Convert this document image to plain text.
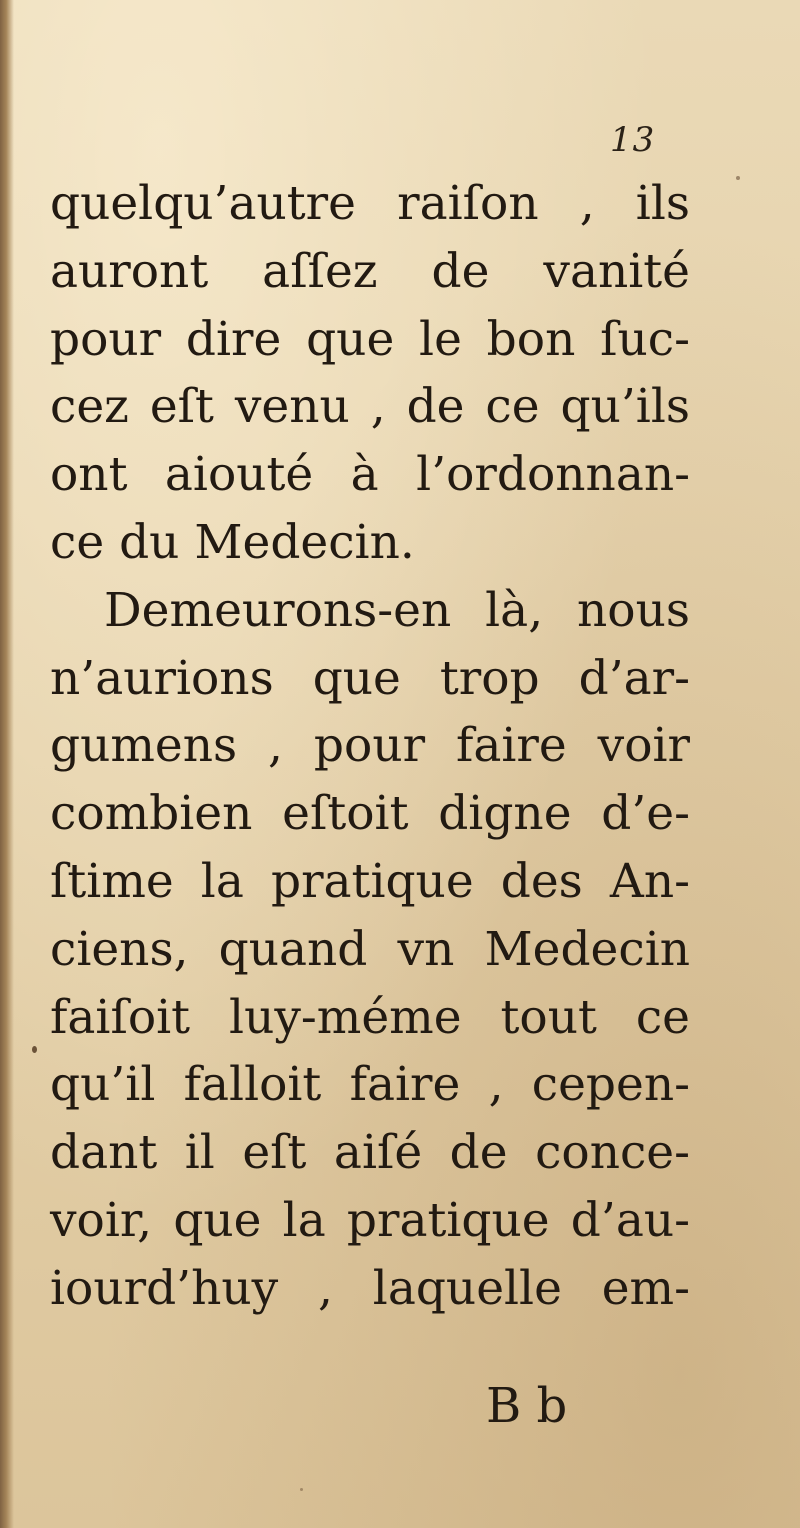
13
quelqu’autre raiſon , ils
auront aſſez de vanité
pour dire que le bon ſuc-
cez eſt venu , de ce qu’ils
ont aiouté à l’ordonnan-
ce du Medecin.
Demeurons-en là, nous
n’aurions que trop d’ar-
gumens , pour faire voir
combien eſtoit digne d’e-
ſtime la pratique des An-
ciens, quand vn Medecin
faiſoit luy-méme tout ce
qu’il falloit faire , cepen-
dant il eſt aiſé de conce-
voir, que la pratique d’au-
iourd’huy , laquelle em-
B b
